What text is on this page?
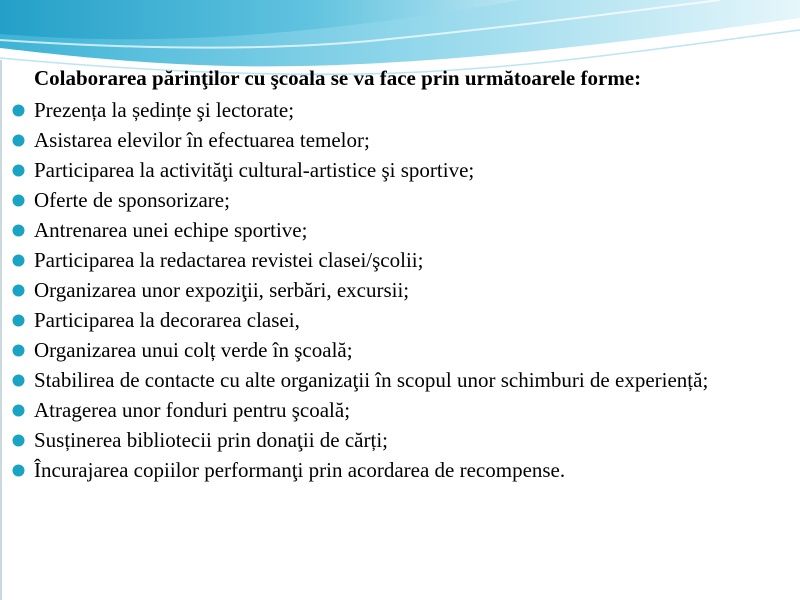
Colaborarea părinţilor cu şcoala se va face prin următoarele forme:

Prezența la ședințe şi lectorate;
Asistarea elevilor în efectuarea temelor;
Participarea la activităţi cultural-artistice şi sportive;
Oferte de sponsorizare;
Antrenarea unei echipe sportive;
Participarea la redactarea revistei clasei/şcolii;
Organizarea unor expoziţii, serbări, excursii;
Participarea la decorarea clasei,
Organizarea unui colț verde în şcoală;
Stabilirea de contacte cu alte organizaţii în scopul unor schimburi de experiență;
Atragerea unor fonduri pentru şcoală;
Susținerea bibliotecii prin donaţii de cărți;
Încurajarea copiilor performanţi prin acordarea de recompense.
